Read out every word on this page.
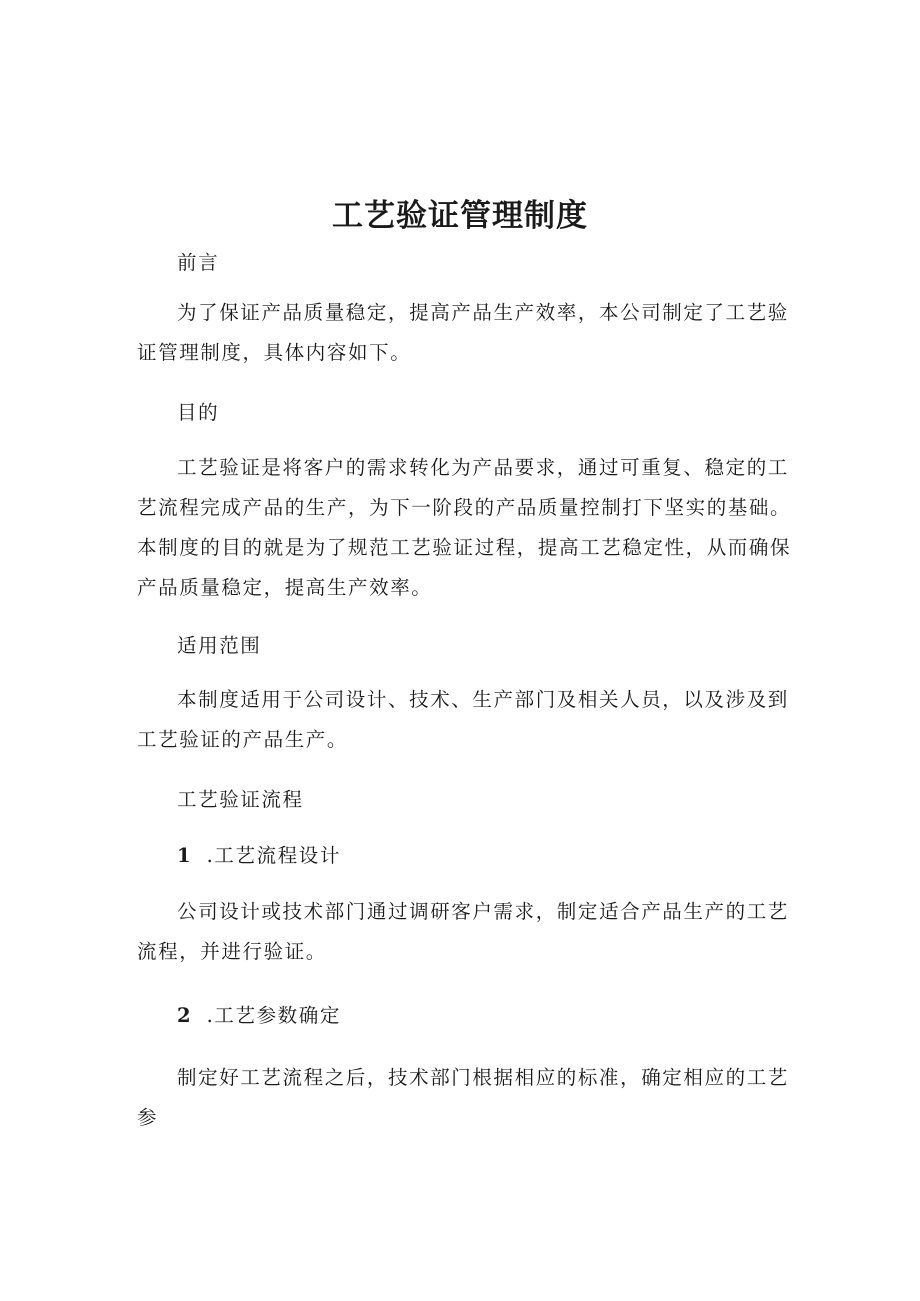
工艺验证管理制度

前言

为了保证产品质量稳定，提高产品生产效率，本公司制定了工艺验证管理制度，具体内容如下。

目的

工艺验证是将客户的需求转化为产品要求，通过可重复、稳定的工艺流程完成产品的生产，为下一阶段的产品质量控制打下坚实的基础。本制度的目的就是为了规范工艺验证过程，提高工艺稳定性，从而确保产品质量稳定，提高生产效率。

适用范围

本制度适用于公司设计、技术、生产部门及相关人员，以及涉及到工艺验证的产品生产。

工艺验证流程

1 .工艺流程设计

公司设计或技术部门通过调研客户需求，制定适合产品生产的工艺流程，并进行验证。

2 .工艺参数确定

制定好工艺流程之后，技术部门根据相应的标准，确定相应的工艺参
